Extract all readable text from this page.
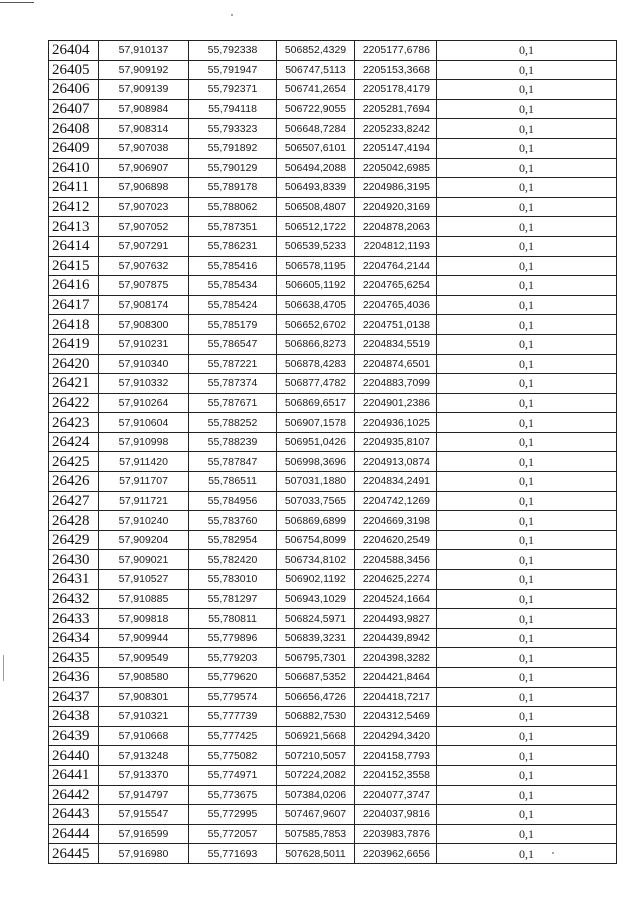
26404	57,910137	55,792338	506852,4329	2205177,6786	0,1
26405	57,909192	55,791947	506747,5113	2205153,3668	0,1
26406	57,909139	55,792371	506741,2654	2205178,4179	0,1
26407	57,908984	55,794118	506722,9055	2205281,7694	0,1
26408	57,908314	55,793323	506648,7284	2205233,8242	0,1
26409	57,907038	55,791892	506507,6101	2205147,4194	0,1
26410	57,906907	55,790129	506494,2088	2205042,6985	0,1
26411	57,906898	55,789178	506493,8339	2204986,3195	0,1
26412	57,907023	55,788062	506508,4807	2204920,3169	0,1
26413	57,907052	55,787351	506512,1722	2204878,2063	0,1
26414	57,907291	55,786231	506539,5233	2204812,1193	0,1
26415	57,907632	55,785416	506578,1195	2204764,2144	0,1
26416	57,907875	55,785434	506605,1192	2204765,6254	0,1
26417	57,908174	55,785424	506638,4705	2204765,4036	0,1
26418	57,908300	55,785179	506652,6702	2204751,0138	0,1
26419	57,910231	55,786547	506866,8273	2204834,5519	0,1
26420	57,910340	55,787221	506878,4283	2204874,6501	0,1
26421	57,910332	55,787374	506877,4782	2204883,7099	0,1
26422	57,910264	55,787671	506869,6517	2204901,2386	0,1
26423	57,910604	55,788252	506907,1578	2204936,1025	0,1
26424	57,910998	55,788239	506951,0426	2204935,8107	0,1
26425	57,911420	55,787847	506998,3696	2204913,0874	0,1
26426	57,911707	55,786511	507031,1880	2204834,2491	0,1
26427	57,911721	55,784956	507033,7565	2204742,1269	0,1
26428	57,910240	55,783760	506869,6899	2204669,3198	0,1
26429	57,909204	55,782954	506754,8099	2204620,2549	0,1
26430	57,909021	55,782420	506734,8102	2204588,3456	0,1
26431	57,910527	55,783010	506902,1192	2204625,2274	0,1
26432	57,910885	55,781297	506943,1029	2204524,1664	0,1
26433	57,909818	55,780811	506824,5971	2204493,9827	0,1
26434	57,909944	55,779896	506839,3231	2204439,8942	0,1
26435	57,909549	55,779203	506795,7301	2204398,3282	0,1
26436	57,908580	55,779620	506687,5352	2204421,8464	0,1
26437	57,908301	55,779574	506656,4726	2204418,7217	0,1
26438	57,910321	55,777739	506882,7530	2204312,5469	0,1
26439	57,910668	55,777425	506921,5668	2204294,3420	0,1
26440	57,913248	55,775082	507210,5057	2204158,7793	0,1
26441	57,913370	55,774971	507224,2082	2204152,3558	0,1
26442	57,914797	55,773675	507384,0206	2204077,3747	0,1
26443	57,915547	55,772995	507467,9607	2204037,9816	0,1
26444	57,916599	55,772057	507585,7853	2203983,7876	0,1
26445	57,916980	55,771693	507628,5011	2203962,6656	0,1
